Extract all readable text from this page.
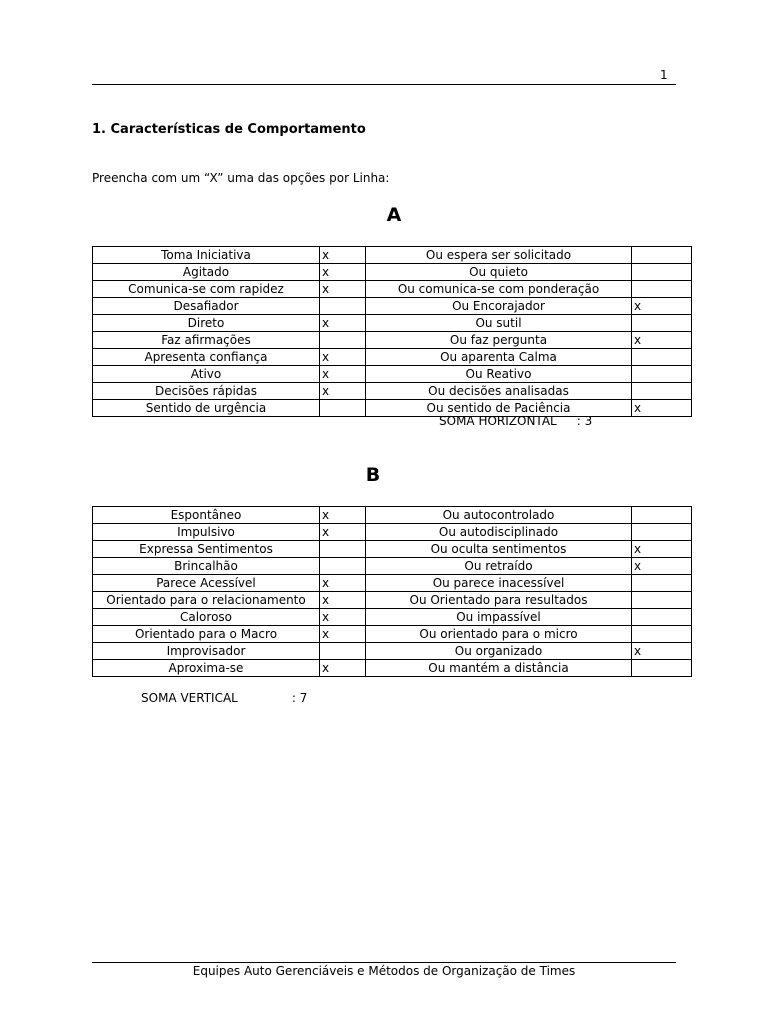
1
1. Características de Comportamento
Preencha com um “X” uma das opções por Linha:
A
Toma Iniciativa	x	Ou espera ser solicitado	
Agitado	x	Ou quieto	
Comunica-se com rapidez	x	Ou comunica-se com ponderação	
Desafiador		Ou Encorajador	x
Direto	x	Ou sutil	
Faz afirmações		Ou faz pergunta	x
Apresenta confiança	x	Ou aparenta Calma	
Ativo	x	Ou Reativo	
Decisões rápidas	x	Ou decisões analisadas	
Sentido de urgência		Ou sentido de Paciência	x
SOMA HORIZONTAL : 3
B
Espontâneo	x	Ou autocontrolado	
Impulsivo	x	Ou autodisciplinado	
Expressa Sentimentos		Ou oculta sentimentos	x
Brincalhão		Ou retraído	x
Parece Acessível	x	Ou parece inacessível	
Orientado para o relacionamento	x	Ou Orientado para resultados	
Caloroso	x	Ou impassível	
Orientado para o Macro	x	Ou orientado para o micro	
Improvisador		Ou organizado	x
Aproxima-se	x	Ou mantém a distância	
SOMA VERTICAL	: 7
Equipes Auto Gerenciáveis e Métodos de Organização de Times
